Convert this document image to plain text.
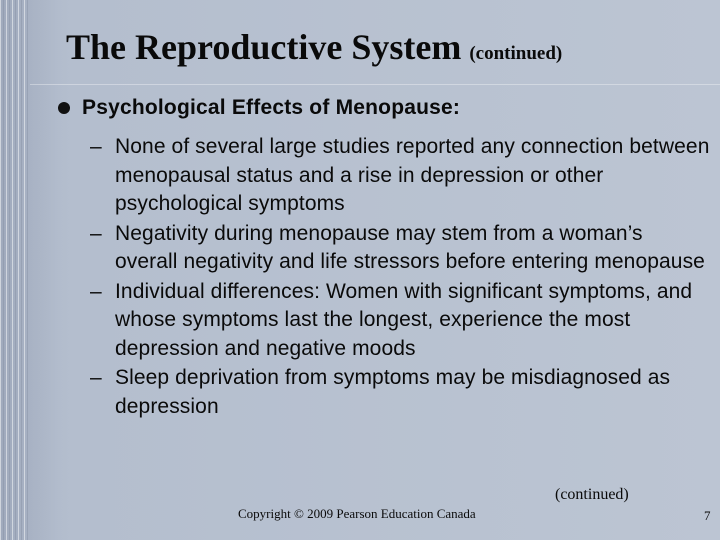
The Reproductive System (continued)
Psychological Effects of Menopause:
– None of several large studies reported any connection between menopausal status and a rise in depression or other psychological symptoms
– Negativity during menopause may stem from a woman’s overall negativity and life stressors before entering menopause
– Individual differences: Women with significant symptoms, and whose symptoms last the longest, experience the most depression and negative moods
– Sleep deprivation from symptoms may be misdiagnosed as depression
(continued)
Copyright © 2009 Pearson Education Canada	7
